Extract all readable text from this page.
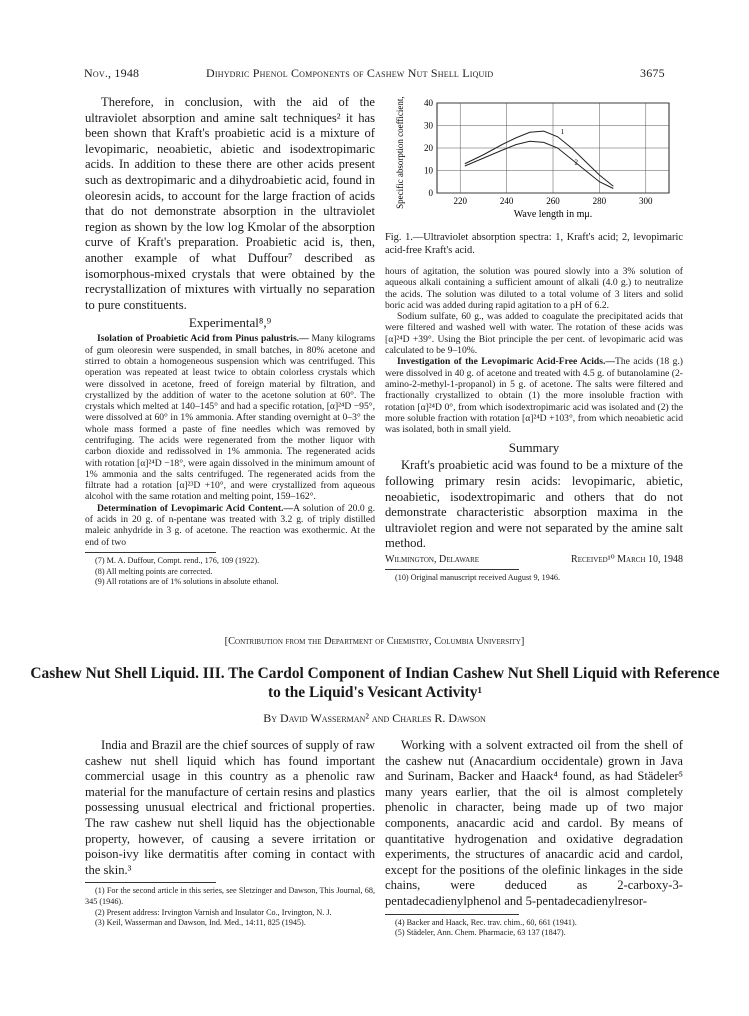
Nov., 1948	Dihydric Phenol Components of Cashew Nut Shell Liquid	3675

Therefore, in conclusion, with the aid of the ultraviolet absorption and amine salt techniques² it has been shown that Kraft's proabietic acid is a mixture of levopimaric, neoabietic, abietic and isodextropimaric acids. In addition to these there are other acids present such as dextropimaric and a dihydroabietic acid, found in oleoresin acids, to account for the large fraction of acids that do not demonstrate absorption in the ultraviolet region as shown by the low log Kmolar of the absorption curve of Kraft's preparation. Proabietic acid is, then, another example of what Duffour⁷ described as isomorphous-mixed crystals that were obtained by the recrystallization of mixtures with virtually no separation to pure constituents.

Experimental⁸,⁹

Isolation of Proabietic Acid from Pinus palustris.— Many kilograms of gum oleoresin were suspended, in small batches, in 80% acetone and stirred to obtain a homogeneous suspension which was centrifuged. This operation was repeated at least twice to obtain colorless crystals which were dissolved in acetone, freed of foreign material by filtration, and crystallized by the addition of water to the acetone solution at 60°. The crystals which melted at 140–145° and had a specific rotation, [α]²⁴D −95°, were dissolved at 60° in 1% ammonia. After standing overnight at 0–3° the whole mass formed a paste of fine needles which was removed by centrifuging. The acids were regenerated from the mother liquor with carbon dioxide and redissolved in 1% ammonia. The regenerated acids with rotation [α]²⁴D −18°, were again dissolved in the minimum amount of 1% ammonia and the salts centrifuged. The regenerated acids from the filtrate had a rotation [α]²³D +10°, and were crystallized from aqueous alcohol with the same rotation and melting point, 159–162°.

Determination of Levopimaric Acid Content.—A solution of 20.0 g. of acids in 20 g. of n-pentane was treated with 3.2 g. of triply distilled maleic anhydride in 3 g. of acetone. The reaction was exothermic. At the end of two

(7) M. A. Duffour, Compt. rend., 176, 109 (1922).

(8) All melting points are corrected.

(9) All rotations are of 1% solutions in absolute ethanol.

0
10
20
30
40
220	240	260	280	300
Wave length in mμ.
Specific absorption coefficient, α.	1
2
Fig. 1.—Ultraviolet absorption spectra: 1, Kraft's acid; 2, levopimaric acid-free Kraft's acid.

hours of agitation, the solution was poured slowly into a 3% solution of aqueous alkali containing a sufficient amount of alkali (4.0 g.) to neutralize the acids. The solution was diluted to a total volume of 3 liters and solid boric acid was added during rapid agitation to a pH of 6.2.

Sodium sulfate, 60 g., was added to coagulate the precipitated acids that were filtered and washed well with water. The rotation of these acids was [α]²⁴D +39°. Using the Biot principle the per cent. of levopimaric acid was calculated to be 9–10%.

Investigation of the Levopimaric Acid-Free Acids.—The acids (18 g.) were dissolved in 40 g. of acetone and treated with 4.5 g. of butanolamine (2-amino-2-methyl-1-propanol) in 5 g. of acetone. The salts were filtered and fractionally crystallized to obtain (1) the more insoluble fraction with rotation [α]²⁴D 0°, from which isodextropimaric acid was isolated and (2) the more soluble fraction with rotation [α]²⁴D +103°, from which neoabietic acid was isolated, both in small yield.

Summary

Kraft's proabietic acid was found to be a mixture of the following primary resin acids: levopimaric, abietic, neoabietic, isodextropimaric and others that do not demonstrate characteristic absorption maxima in the ultraviolet region and were not separated by the amine salt method.

Wilmington, Delaware	Received¹⁰ March 10, 1948

(10) Original manuscript received August 9, 1946.

[Contribution from the Department of Chemistry, Columbia University]
Cashew Nut Shell Liquid. III. The Cardol Component of Indian Cashew Nut Shell Liquid with Reference to the Liquid's Vesicant Activity¹
By David Wasserman² and Charles R. Dawson

India and Brazil are the chief sources of supply of raw cashew nut shell liquid which has found important commercial usage in this country as a phenolic raw material for the manufacture of certain resins and plastics possessing unusual electrical and frictional properties. The raw cashew nut shell liquid has the objectionable property, however, of causing a severe irritation or poison-ivy like dermatitis after coming in contact with the skin.³

(1) For the second article in this series, see Sletzinger and Dawson, This Journal, 68, 345 (1946).

(2) Present address: Irvington Varnish and Insulator Co., Irvington, N. J.

(3) Keil, Wasserman and Dawson, Ind. Med., 14:11, 825 (1945).

Working with a solvent extracted oil from the shell of the cashew nut (Anacardium occidentale) grown in Java and Surinam, Backer and Haack⁴ found, as had Städeler⁵ many years earlier, that the oil is almost completely phenolic in character, being made up of two major components, anacardic acid and cardol. By means of quantitative hydrogenation and oxidative degradation experiments, the structures of anacardic acid and cardol, except for the positions of the olefinic linkages in the side chains, were deduced as 2-carboxy-3-pentadecadienylphenol and 5-pentadecadienylresor-

(4) Backer and Haack, Rec. trav. chim., 60, 661 (1941).

(5) Städeler, Ann. Chem. Pharmacie, 63 137 (1847).
